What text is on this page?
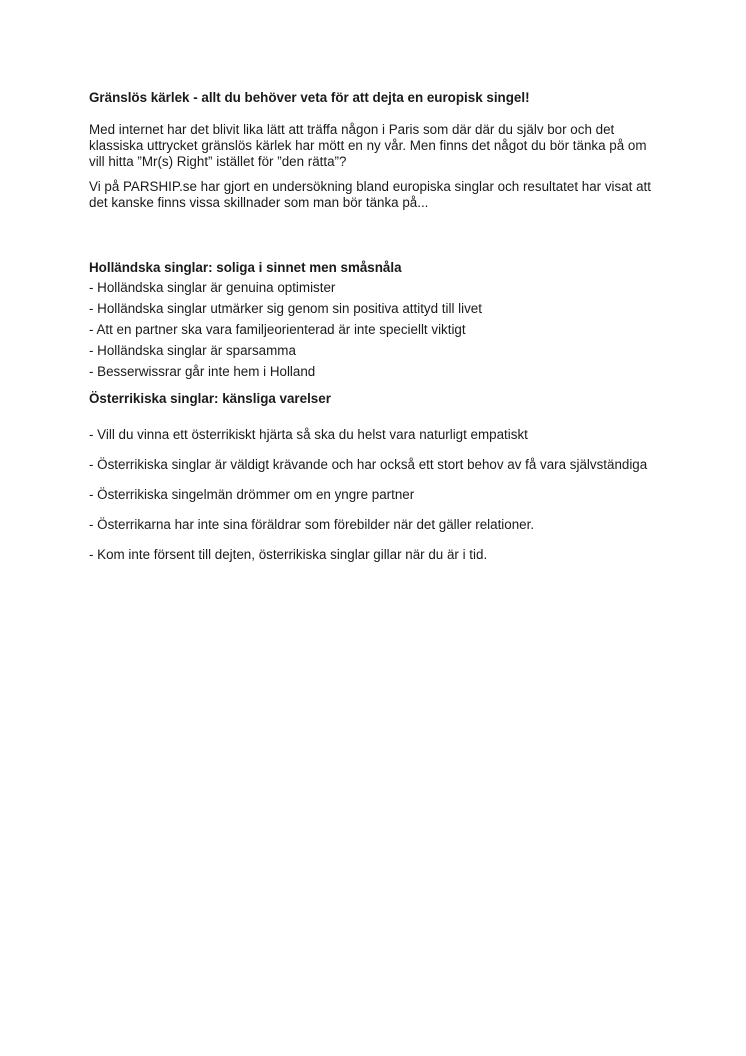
Gränslös kärlek - allt du behöver veta för att dejta en europisk singel!
Med internet har det blivit lika lätt att träffa någon i Paris som där där du själv bor och det klassiska uttrycket gränslös kärlek har mött en ny vår. Men finns det något du bör tänka på om vill hitta ”Mr(s) Right” istället för ”den rätta”?
Vi på PARSHIP.se har gjort en undersökning bland europiska singlar och resultatet har visat att det kanske finns vissa skillnader som man bör tänka på...
Holländska singlar: soliga i sinnet men småsnåla
- Holländska singlar är genuina optimister
- Holländska singlar utmärker sig genom sin positiva attityd till livet
- Att en partner ska vara familjeorienterad är inte speciellt viktigt
- Holländska singlar är sparsamma
- Besserwissrar går inte hem i Holland
Österrikiska singlar: känsliga varelser
- Vill du vinna ett österrikiskt hjärta så ska du helst vara naturligt empatiskt
- Österrikiska singlar är väldigt krävande och har också ett stort behov av få vara självständiga
- Österrikiska singelmän drömmer om en yngre partner
- Österrikarna har inte sina föräldrar som förebilder när det gäller relationer.
- Kom inte försent till dejten, österrikiska singlar gillar när du är i tid.
